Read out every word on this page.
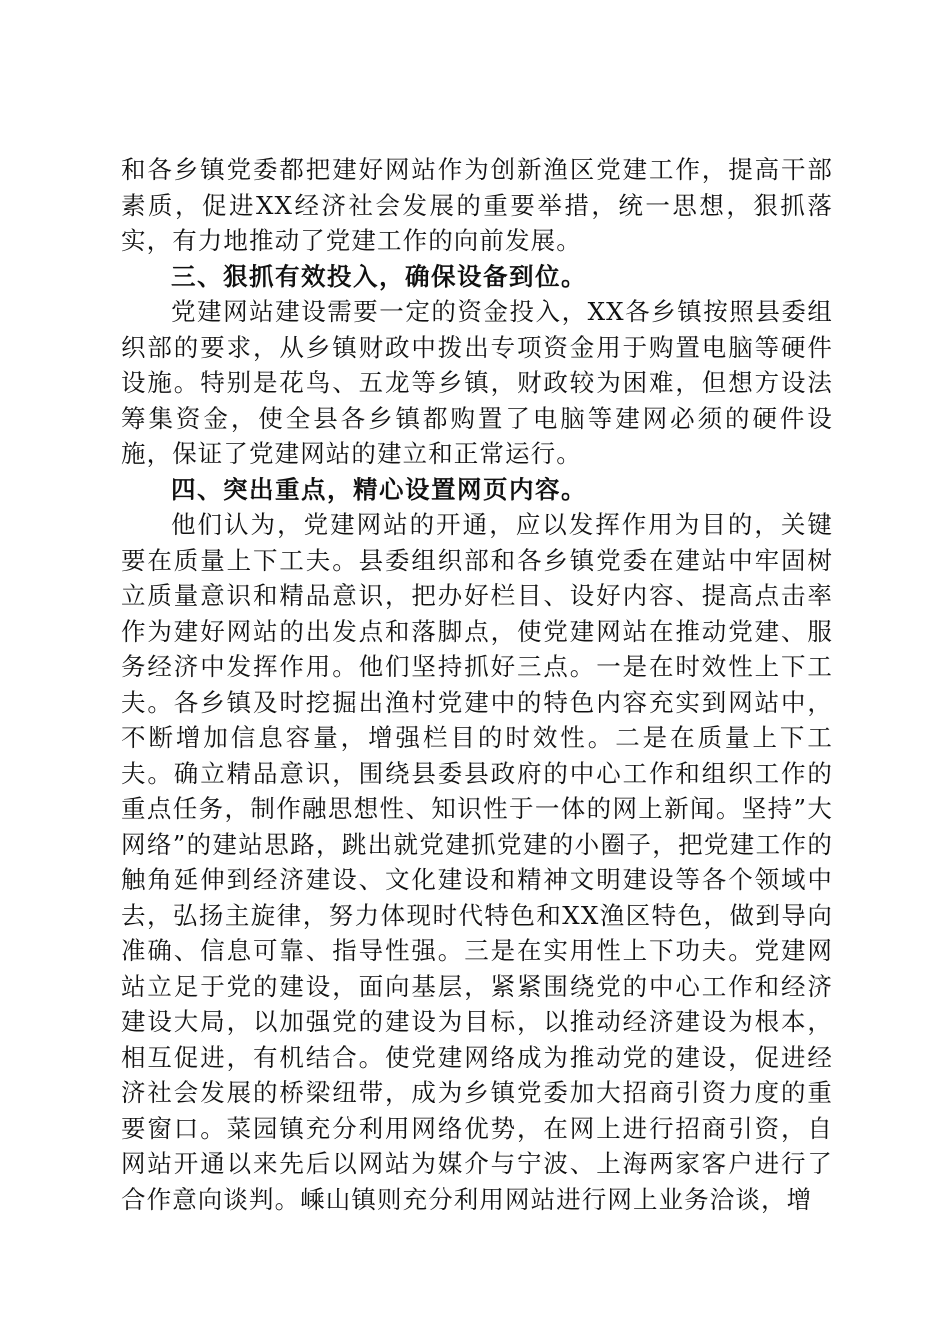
和各乡镇党委都把建好网站作为创新渔区党建工作，提高干部素质，促进XX经济社会发展的重要举措，统一思想，狠抓落实，有力地推动了党建工作的向前发展。

三、狠抓有效投入，确保设备到位。

党建网站建设需要一定的资金投入，XX各乡镇按照县委组织部的要求，从乡镇财政中拨出专项资金用于购置电脑等硬件设施。特别是花鸟、五龙等乡镇，财政较为困难，但想方设法筹集资金，使全县各乡镇都购置了电脑等建网必须的硬件设施，保证了党建网站的建立和正常运行。

四、突出重点，精心设置网页内容。

他们认为，党建网站的开通，应以发挥作用为目的，关键要在质量上下工夫。县委组织部和各乡镇党委在建站中牢固树立质量意识和精品意识，把办好栏目、设好内容、提高点击率作为建好网站的出发点和落脚点，使党建网站在推动党建、服务经济中发挥作用。他们坚持抓好三点。一是在时效性上下工夫。各乡镇及时挖掘出渔村党建中的特色内容充实到网站中，不断增加信息容量，增强栏目的时效性。二是在质量上下工夫。确立精品意识，围绕县委县政府的中心工作和组织工作的重点任务，制作融思想性、知识性于一体的网上新闻。坚持”大网络”的建站思路，跳出就党建抓党建的小圈子，把党建工作的触角延伸到经济建设、文化建设和精神文明建设等各个领域中去，弘扬主旋律，努力体现时代特色和XX渔区特色，做到导向准确、信息可靠、指导性强。三是在实用性上下功夫。党建网站立足于党的建设，面向基层，紧紧围绕党的中心工作和经济建设大局，以加强党的建设为目标，以推动经济建设为根本，相互促进，有机结合。使党建网络成为推动党的建设，促进经济社会发展的桥梁纽带，成为乡镇党委加大招商引资力度的重要窗口。菜园镇充分利用网络优势，在网上进行招商引资，自网站开通以来先后以网站为媒介与宁波、上海两家客户进行了合作意向谈判。嵊山镇则充分利用网站进行网上业务洽谈，增
